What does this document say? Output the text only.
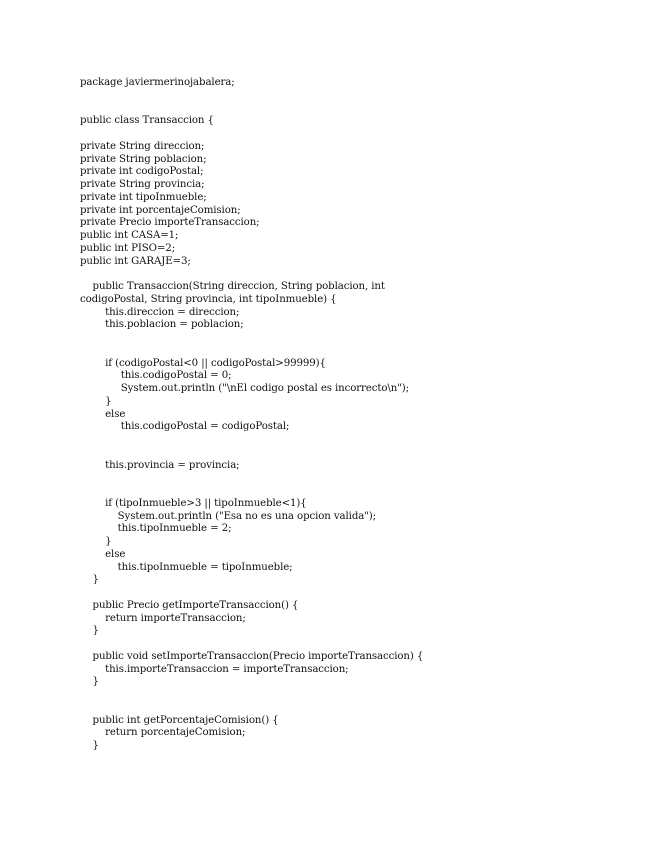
package javiermerinojabalera;
public class Transaccion {
private String direccion;
private String poblacion;
private int codigoPostal;
private String provincia;
private int tipoInmueble;
private int porcentajeComision;
private Precio importeTransaccion;
public int CASA=1;
public int PISO=2;
public int GARAJE=3;
public Transaccion(String direccion, String poblacion, int
codigoPostal, String provincia, int tipoInmueble) {
this.direccion = direccion;
this.poblacion = poblacion;
if (codigoPostal<0 || codigoPostal>99999){
this.codigoPostal = 0;
System.out.println ("\nEl codigo postal es incorrecto\n");
}
else
this.codigoPostal = codigoPostal;
this.provincia = provincia;
if (tipoInmueble>3 || tipoInmueble<1){
System.out.println ("Esa no es una opcion valida");
this.tipoInmueble = 2;
}
else
this.tipoInmueble = tipoInmueble;
}
public Precio getImporteTransaccion() {
return importeTransaccion;
}
public void setImporteTransaccion(Precio importeTransaccion) {
this.importeTransaccion = importeTransaccion;
}
public int getPorcentajeComision() {
return porcentajeComision;
}
